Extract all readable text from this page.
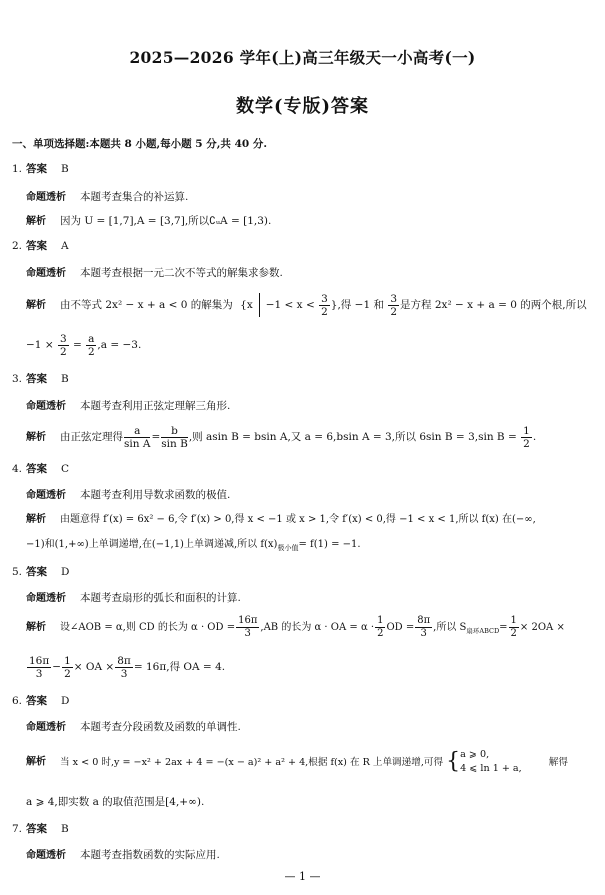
2025—2026 学年(上)高三年级天一小高考(一)
数学(专版)答案
一、单项选择题:本题共 8 小题,每小题 5 分,共 40 分.
1. 答案 B
命题透析 本题考查集合的补运算.
解析 因为 U = [1,7],A = [3,7],所以∁ᵤA = [1,3).
2. 答案 A
命题透析 本题考查根据一元二次不等式的解集求参数.
解析 由不等式 2x² − x + a < 0 的解集为 {$x -1 < x < \frac{3}{2}$ },得 −1 和 $\frac{3}{2}$ 是方程 2x² − x + a = 0 的两个根,所以
$-1 \times \frac{3}{2} = \frac{a}{2} ,a = -3$.
3. 答案 B
命题透析 本题考查利用正弦定理解三角形.
解析 由正弦定理得 $\frac{a}{\text{sin A}} = \frac{b}{\text{sin B}}$ ,则 asin B = bsin A,又 a = 6,bsin A = 3,所以 6sin B = 3,sin $B = \frac{1}{2}$ .
4. 答案 C
命题透析 本题考查利用导数求函数的极值.
解析 由题意得 f′(x) = 6x² − 6,令 f′(x) > 0,得 x < −1 或 x > 1,令 f′(x) < 0,得 −1 < x < 1,所以 f(x) 在(−∞,
−1)和(1,+∞)上单调递增,在(−1,1)上单调递减,所以 $f(x)_{极小值}= f(1) = -1$.
5. 答案 D
命题透析 本题考查扇形的弧长和面积的计算.
解析 设∠AOB = α,则 CD 的长为 α · OD = $\frac{16\pi}{3} ,AB$ 的长为 α · OA = $\alpha \cdot \frac{1}{2}$ OD = $\frac{8\pi}{3}$ ,所以 $S_{扇环ABCD}= \frac{1}{2} \times 2OA$ ×
$\frac{16\pi}{3} - \frac{1}{2}$ × OA × $\frac{8\pi}{3} = 16\pi$,得 OA = 4.
6. 答案 D
命题透析 本题考查分段函数及函数的单调性.
解析 当 x < 0 时,y = −x² + 2ax + 4 = −(x − a)² + a² + 4,根据 f(x) 在 R 上单调递增,可得 { a ⩾ 0,
4 ⩽ ln 1 + a,
解得
a ⩾ 4,即实数 a 的取值范围是[4,+∞).
7. 答案 B
命题透析 本题考查指数函数的实际应用.
— 1 —
